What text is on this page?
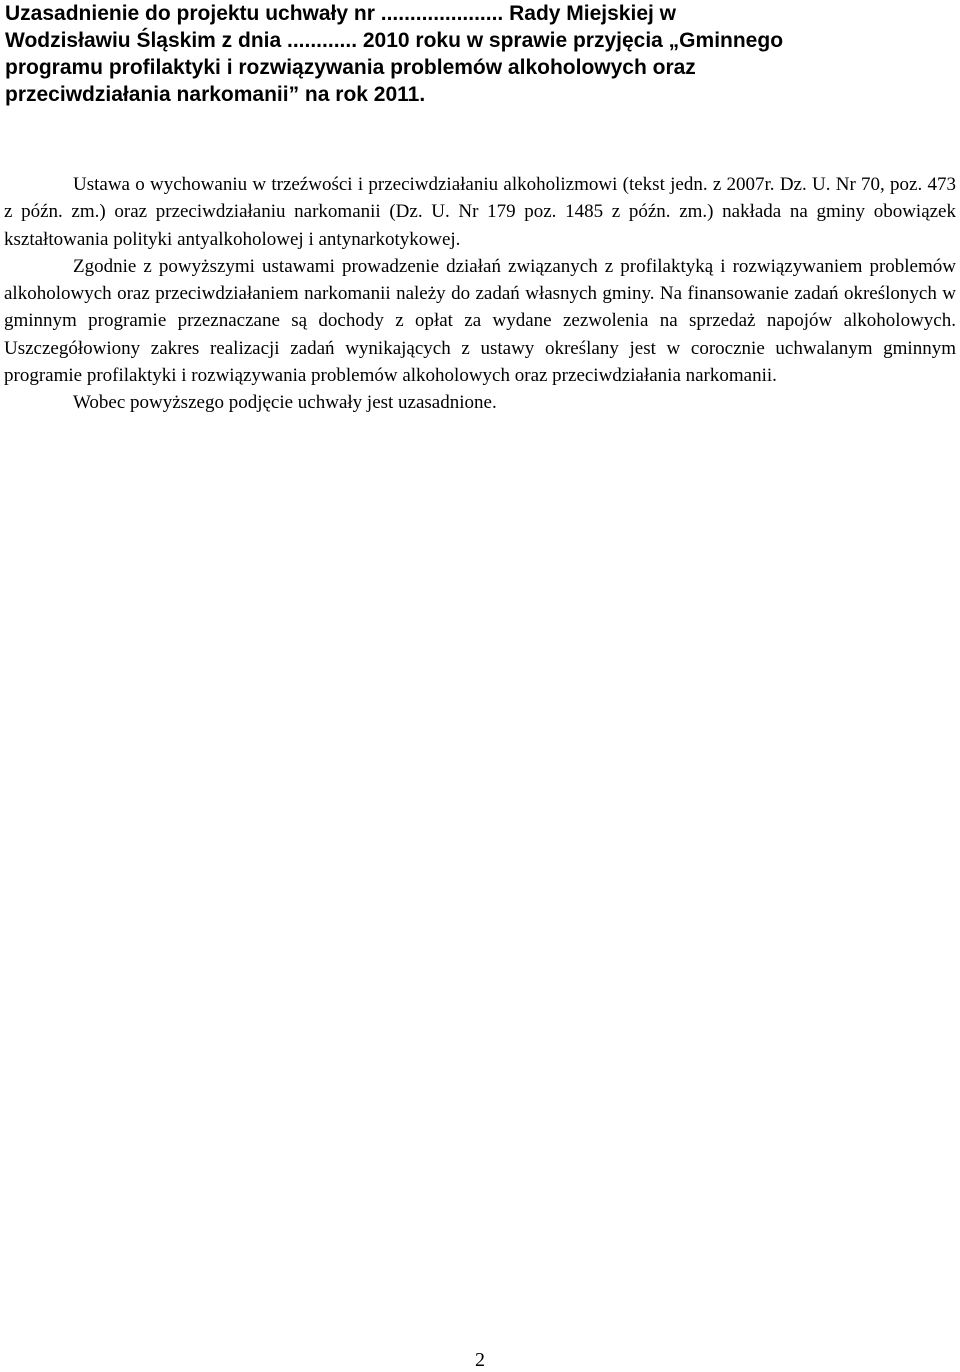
Uzasadnienie do projektu uchwały nr ..................... Rady Miejskiej w
Wodzisławiu Śląskim z dnia ............ 2010 roku w sprawie przyjęcia „Gminnego
programu profilaktyki i rozwiązywania problemów alkoholowych oraz
przeciwdziałania narkomanii” na rok 2011.

Ustawa o wychowaniu w trzeźwości i przeciwdziałaniu alkoholizmowi (tekst jedn. z 2007r. Dz. U. Nr 70, poz. 473 z późn. zm.) oraz przeciwdziałaniu narkomanii (Dz. U. Nr 179 poz. 1485 z późn. zm.) nakłada na gminy obowiązek kształtowania polityki antyalkoholowej i antynarkotykowej.

Zgodnie z powyższymi ustawami prowadzenie działań związanych z profilaktyką i rozwiązywaniem problemów alkoholowych oraz przeciwdziałaniem narkomanii należy do zadań własnych gminy. Na finansowanie zadań określonych w gminnym programie przeznaczane są dochody z opłat za wydane zezwolenia na sprzedaż napojów alkoholowych. Uszczegółowiony zakres realizacji zadań wynikających z ustawy określany jest w corocznie uchwalanym gminnym programie profilaktyki i rozwiązywania problemów alkoholowych oraz przeciwdziałania narkomanii.

Wobec powyższego podjęcie uchwały jest uzasadnione.

2
